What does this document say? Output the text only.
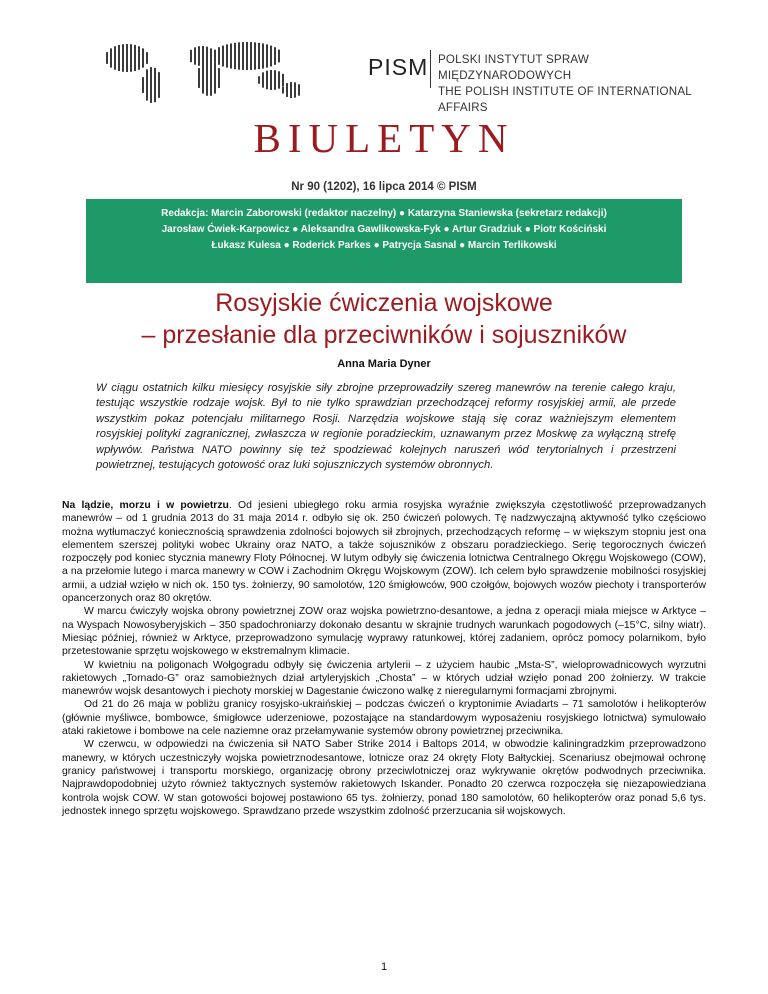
PISM POLSKI INSTYTUT SPRAW MIĘDZYNARODOWYCH
THE POLISH INSTITUTE OF INTERNATIONAL AFFAIRS
BIULETYN
Nr 90 (1202), 16 lipca 2014 © PISM
Redakcja: Marcin Zaborowski (redaktor naczelny) ● Katarzyna Staniewska (sekretarz redakcji)
Jarosław Ćwiek-Karpowicz ● Aleksandra Gawlikowska-Fyk ● Artur Gradziuk ● Piotr Kościński
Łukasz Kulesa ● Roderick Parkes ● Patrycja Sasnal ● Marcin Terlikowski
Rosyjskie ćwiczenia wojskowe
– przesłanie dla przeciwników i sojuszników
Anna Maria Dyner
W ciągu ostatnich kilku miesięcy rosyjskie siły zbrojne przeprowadziły szereg manewrów na terenie całego kraju, testując wszystkie rodzaje wojsk. Był to nie tylko sprawdzian przechodzącej reformy rosyjskiej armii, ale przede wszystkim pokaz potencjału militarnego Rosji. Narzędzia wojskowe stają się coraz ważniejszym elementem rosyjskiej polityki zagranicznej, zwłaszcza w regionie poradzieckim, uznawanym przez Moskwę za wyłączną strefę wpływów. Państwa NATO powinny się też spodziewać kolejnych naruszeń wód terytorialnych i przestrzeni powietrznej, testujących gotowość oraz luki sojuszniczych systemów obronnych.

Na lądzie, morzu i w powietrzu. Od jesieni ubiegłego roku armia rosyjska wyraźnie zwiększyła częstotliwość przeprowadzanych manewrów – od 1 grudnia 2013 do 31 maja 2014 r. odbyło się ok. 250 ćwiczeń polowych. Tę nadzwyczajną aktywność tylko częściowo można wytłumaczyć koniecznością sprawdzenia zdolności bojowych sił zbrojnych, przechodzących reformę – w większym stopniu jest ona elementem szerszej polityki wobec Ukrainy oraz NATO, a także sojuszników z obszaru poradzieckiego. Serię tegorocznych ćwiczeń rozpoczęły pod koniec stycznia manewry Floty Północnej. W lutym odbyły się ćwiczenia lotnictwa Centralnego Okręgu Wojskowego (COW), a na przełomie lutego i marca manewry w COW i Zachodnim Okręgu Wojskowym (ZOW). Ich celem było sprawdzenie mobilności rosyjskiej armii, a udział wzięło w nich ok. 150 tys. żołnierzy, 90 samolotów, 120 śmigłowców, 900 czołgów, bojowych wozów piechoty i transporterów opancerzonych oraz 80 okrętów.

W marcu ćwiczyły wojska obrony powietrznej ZOW oraz wojska powietrzno-desantowe, a jedna z operacji miała miejsce w Arktyce – na Wyspach Nowosyberyjskich – 350 spadochroniarzy dokonało desantu w skrajnie trudnych warunkach pogodowych (–15°C, silny wiatr). Miesiąc później, również w Arktyce, przeprowadzono symulację wyprawy ratunkowej, której zadaniem, oprócz pomocy polarnikom, było przetestowanie sprzętu wojskowego w ekstremalnym klimacie.

W kwietniu na poligonach Wołgogradu odbyły się ćwiczenia artylerii – z użyciem haubic „Msta-S”, wieloprowadnicowych wyrzutni rakietowych „Tornado-G” oraz samobieżnych dział artyleryjskich „Chosta” – w których udział wzięło ponad 200 żołnierzy. W trakcie manewrów wojsk desantowych i piechoty morskiej w Dagestanie ćwiczono walkę z nieregularnymi formacjami zbrojnymi.

Od 21 do 26 maja w pobliżu granicy rosyjsko-ukraińskiej – podczas ćwiczeń o kryptonimie Aviadarts – 71 samolotów i helikopterów (głównie myśliwce, bombowce, śmigłowce uderzeniowe, pozostające na standardowym wyposażeniu rosyjskiego lotnictwa) symulowało ataki rakietowe i bombowe na cele naziemne oraz przełamywanie systemów obrony powietrznej przeciwnika.

W czerwcu, w odpowiedzi na ćwiczenia sił NATO Saber Strike 2014 i Baltops 2014, w obwodzie kaliningradzkim przeprowadzono manewry, w których uczestniczyły wojska powietrznodesantowe, lotnicze oraz 24 okręty Floty Bałtyckiej. Scenariusz obejmował ochronę granicy państwowej i transportu morskiego, organizację obrony przeciwlotniczej oraz wykrywanie okrętów podwodnych przeciwnika. Najprawdopodobniej użyto również taktycznych systemów rakietowych Iskander. Ponadto 20 czerwca rozpoczęła się niezapowiedziana kontrola wojsk COW. W stan gotowości bojowej postawiono 65 tys. żołnierzy, ponad 180 samolotów, 60 helikopterów oraz ponad 5,6 tys. jednostek innego sprzętu wojskowego. Sprawdzano przede wszystkim zdolność przerzucania sił wojskowych.

1
